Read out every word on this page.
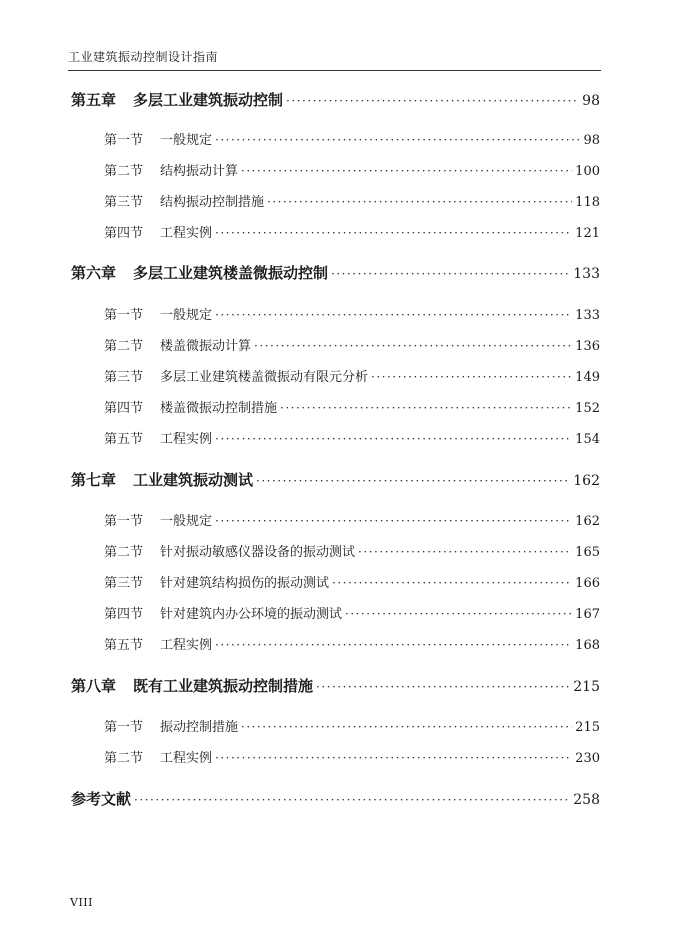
工业建筑振动控制设计指南
第五章	多层工业建筑振动控制 ·····	98
第一节	一般规定 ·····	98
第二节	结构振动计算 ·····	100
第三节	结构振动控制措施 ·····	118
第四节	工程实例 ·····	121
第六章	多层工业建筑楼盖微振动控制 ·····	133
第一节	一般规定 ·····	133
第二节	楼盖微振动计算 ·····	136
第三节	多层工业建筑楼盖微振动有限元分析 ·····	149
第四节	楼盖微振动控制措施 ·····	152
第五节	工程实例 ·····	154
第七章	工业建筑振动测试 ·····	162
第一节	一般规定 ·····	162
第二节	针对振动敏感仪器设备的振动测试 ·····	165
第三节	针对建筑结构损伤的振动测试 ·····	166
第四节	针对建筑内办公环境的振动测试 ·····	167
第五节	工程实例 ·····	168
第八章	既有工业建筑振动控制措施 ·····	215
第一节	振动控制措施 ·····	215
第二节	工程实例 ·····	230
参考文献 ·····	258
VIII
